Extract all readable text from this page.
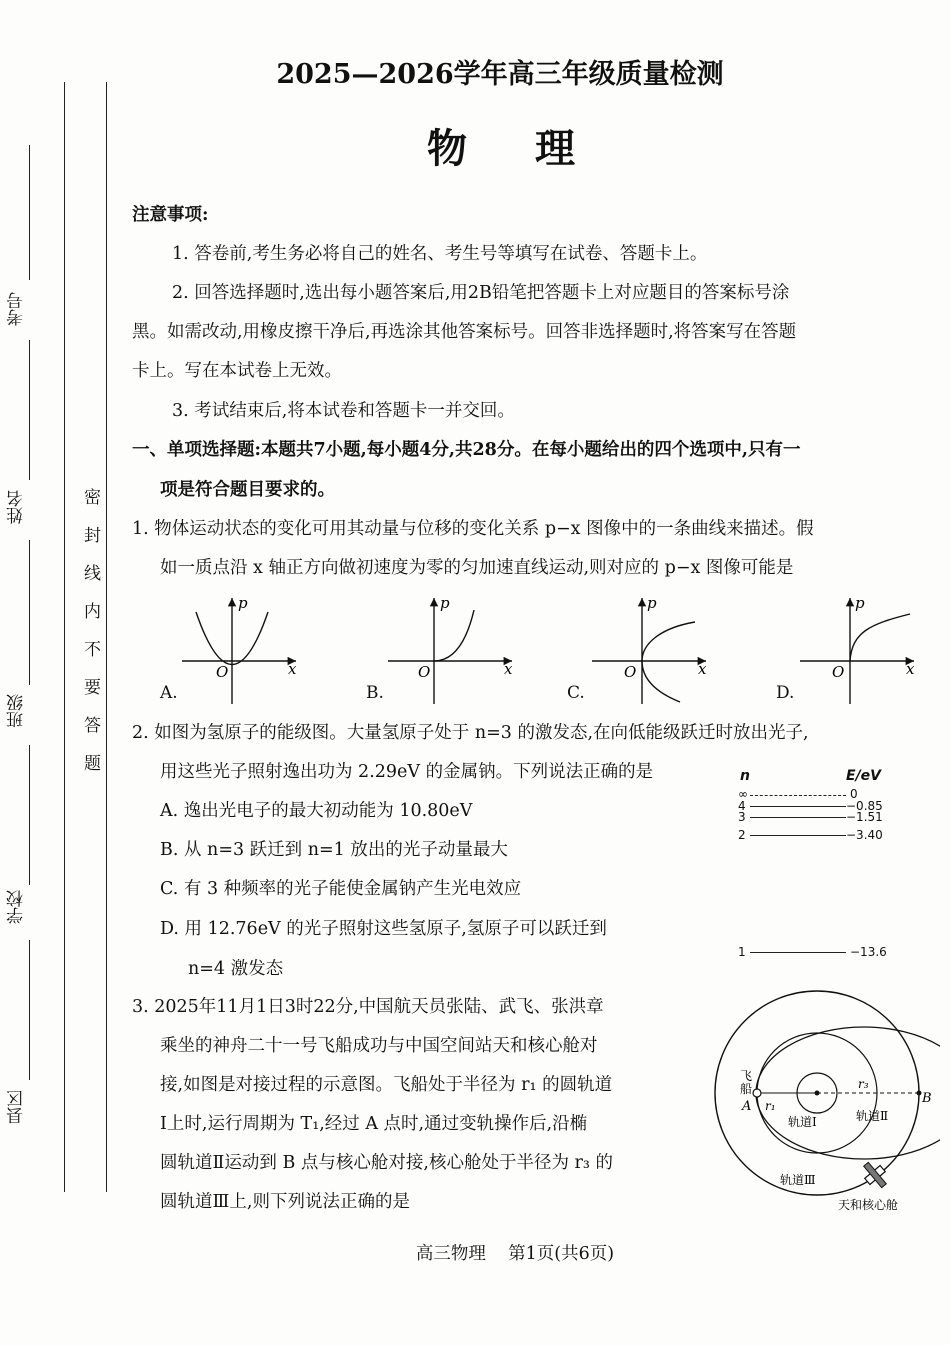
考号
姓名
班级
学校
县区
密封线内不要答题
2025—2026学年高三年级质量检测
物理
注意事项:
1. 答卷前,考生务必将自己的姓名、考生号等填写在试卷、答题卡上。
2. 回答选择题时,选出每小题答案后,用2B铅笔把答题卡上对应题目的答案标号涂
黑。如需改动,用橡皮擦干净后,再选涂其他答案标号。回答非选择题时,将答案写在答题
卡上。写在本试卷上无效。
3. 考试结束后,将本试卷和答题卡一并交回。
一、单项选择题:本题共7小题,每小题4分,共28分。在每小题给出的四个选项中,只有一
项是符合题目要求的。
1. 物体运动状态的变化可用其动量与位移的变化关系 p−x 图像中的一条曲线来描述。假
如一质点沿 x 轴正方向做初速度为零的匀加速直线运动,则对应的 p−x 图像可能是
p
x
O
p
x
O
p
x
O
p
x
O
A.	B.	C.	D.
2. 如图为氢原子的能级图。大量氢原子处于 n=3 的激发态,在向低能级跃迁时放出光子,
用这些光子照射逸出功为 2.29eV 的金属钠。下列说法正确的是
A. 逸出光电子的最大初动能为 10.80eV
B. 从 n=3 跃迁到 n=1 放出的光子动量最大
C. 有 3 种频率的光子能使金属钠产生光电效应
D. 用 12.76eV 的光子照射这些氢原子,氢原子可以跃迁到
n=4 激发态
n	E/eV
∞	0
4	−0.85
3	−1.51
2	−3.40
1	−13.6
3. 2025年11月1日3时22分,中国航天员张陆、武飞、张洪章
乘坐的神舟二十一号飞船成功与中国空间站天和核心舱对
接,如图是对接过程的示意图。飞船处于半径为 r₁ 的圆轨道
Ⅰ上时,运行周期为 T₁,经过 A 点时,通过变轨操作后,沿椭
圆轨道Ⅱ运动到 B 点与核心舱对接,核心舱处于半径为 r₃ 的
圆轨道Ⅲ上,则下列说法正确的是
飞
船
A
B
r₁
r₃
轨道Ⅰ	轨道Ⅱ
轨道Ⅲ
天和核心舱
高三物理    第1页(共6页)
